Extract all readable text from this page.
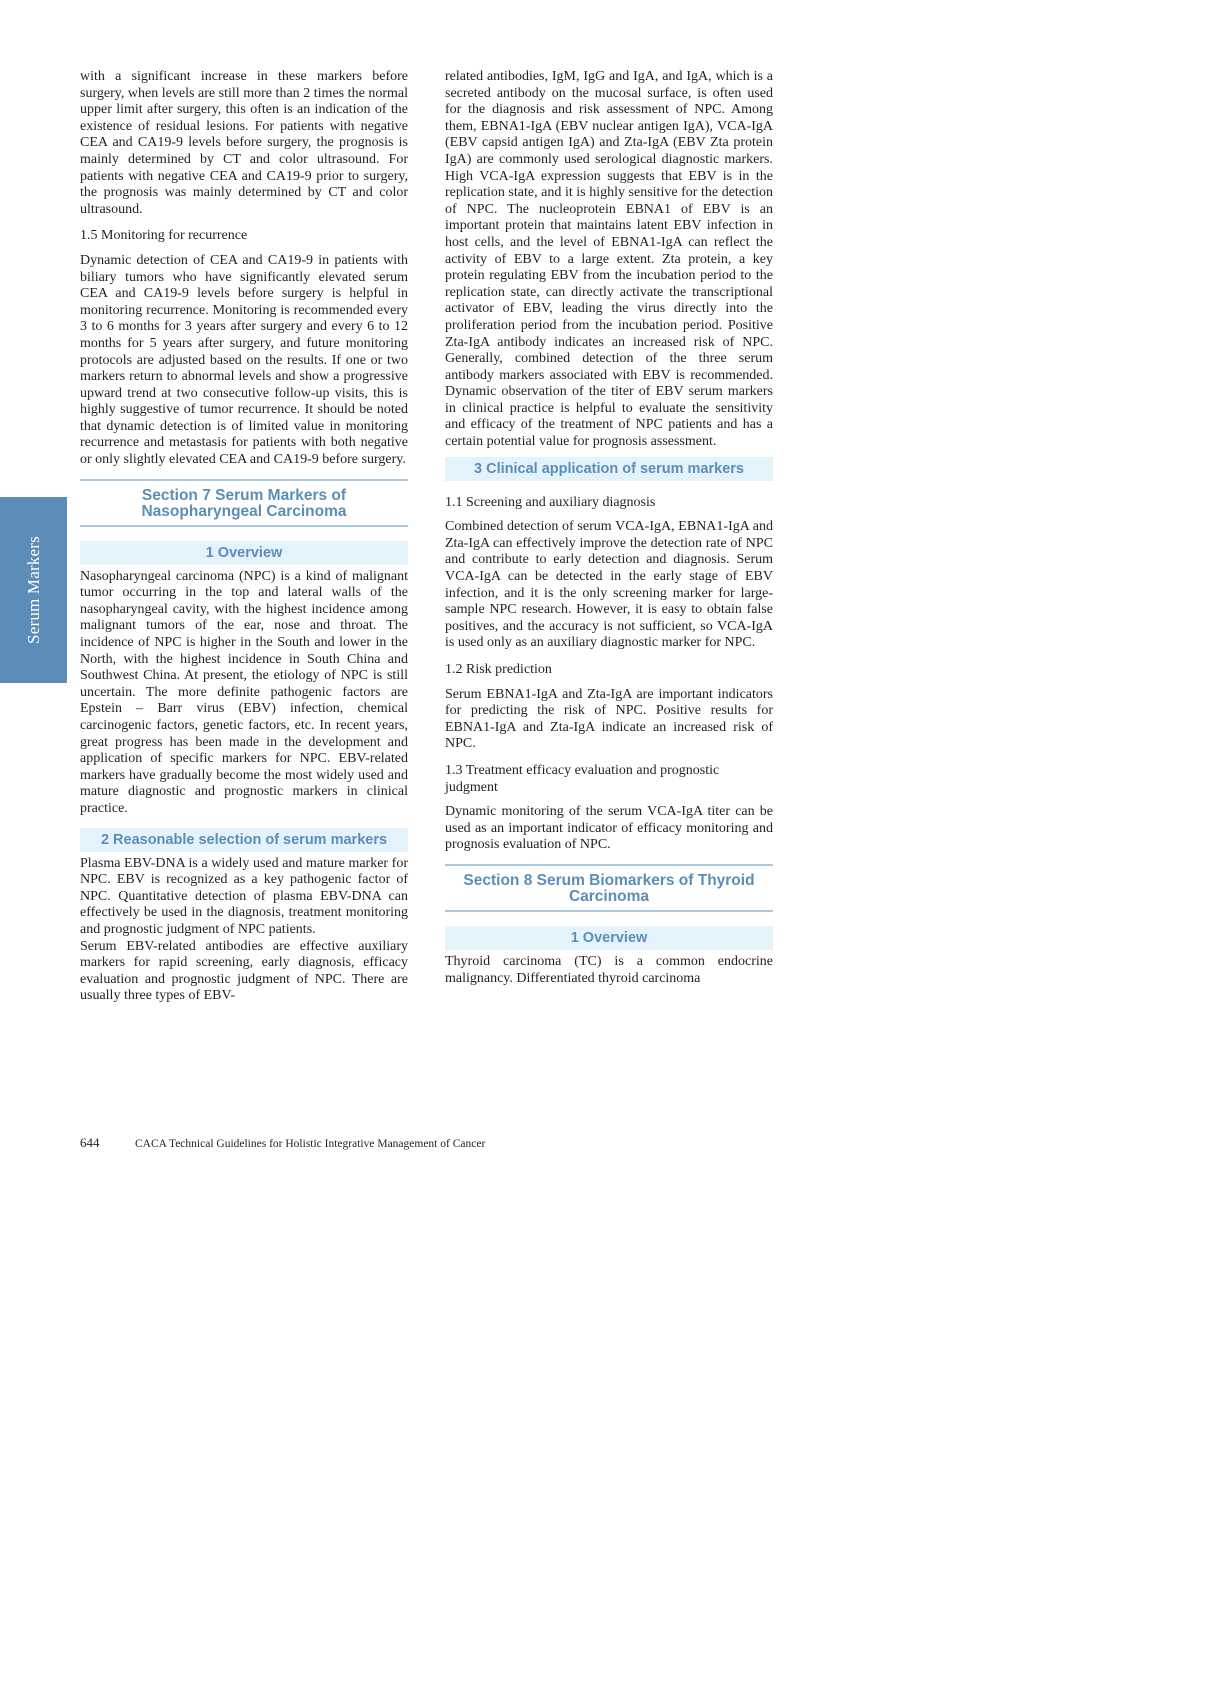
Serum Markers

with a significant increase in these markers before surgery, when levels are still more than 2 times the normal upper limit after surgery, this often is an indication of the existence of residual lesions. For patients with negative CEA and CA19-9 levels before surgery, the prognosis is mainly determined by CT and color ultrasound. For patients with negative CEA and CA19-9 prior to surgery, the prognosis was mainly determined by CT and color ultrasound.

1.5 Monitoring for recurrence

Dynamic detection of CEA and CA19-9 in patients with biliary tumors who have significantly elevated serum CEA and CA19-9 levels before surgery is helpful in monitoring recurrence. Monitoring is recommended every 3 to 6 months for 3 years after surgery and every 6 to 12 months for 5 years after surgery, and future monitoring protocols are adjusted based on the results. If one or two markers return to abnormal levels and show a progressive upward trend at two consecutive follow-up visits, this is highly suggestive of tumor recurrence. It should be noted that dynamic detection is of limited value in monitoring recurrence and metastasis for patients with both negative or only slightly elevated CEA and CA19-9 before surgery.

Section 7 Serum Markers of Nasopharyngeal Carcinoma
1 Overview

Nasopharyngeal carcinoma (NPC) is a kind of malignant tumor occurring in the top and lateral walls of the nasopharyngeal cavity, with the highest incidence among malignant tumors of the ear, nose and throat. The incidence of NPC is higher in the South and lower in the North, with the highest incidence in South China and Southwest China. At present, the etiology of NPC is still uncertain. The more definite pathogenic factors are Epstein – Barr virus (EBV) infection, chemical carcinogenic factors, genetic factors, etc. In recent years, great progress has been made in the development and application of specific markers for NPC. EBV-related markers have gradually become the most widely used and mature diagnostic and prognostic markers in clinical practice.

2 Reasonable selection of serum markers

Plasma EBV-DNA is a widely used and mature marker for NPC. EBV is recognized as a key pathogenic factor of NPC. Quantitative detection of plasma EBV-DNA can effectively be used in the diagnosis, treatment monitoring and prognostic judgment of NPC patients.

Serum EBV-related antibodies are effective auxiliary markers for rapid screening, early diagnosis, efficacy evaluation and prognostic judgment of NPC. There are usually three types of EBV-

related antibodies, IgM, IgG and IgA, and IgA, which is a secreted antibody on the mucosal surface, is often used for the diagnosis and risk assessment of NPC. Among them, EBNA1-IgA (EBV nuclear antigen IgA), VCA-IgA (EBV capsid antigen IgA) and Zta-IgA (EBV Zta protein IgA) are commonly used serological diagnostic markers. High VCA-IgA expression suggests that EBV is in the replication state, and it is highly sensitive for the detection of NPC. The nucleoprotein EBNA1 of EBV is an important protein that maintains latent EBV infection in host cells, and the level of EBNA1-IgA can reflect the activity of EBV to a large extent. Zta protein, a key protein regulating EBV from the incubation period to the replication state, can directly activate the transcriptional activator of EBV, leading the virus directly into the proliferation period from the incubation period. Positive Zta-IgA antibody indicates an increased risk of NPC. Generally, combined detection of the three serum antibody markers associated with EBV is recommended. Dynamic observation of the titer of EBV serum markers in clinical practice is helpful to evaluate the sensitivity and efficacy of the treatment of NPC patients and has a certain potential value for prognosis assessment.

3 Clinical application of serum markers
1.1 Screening and auxiliary diagnosis

Combined detection of serum VCA-IgA, EBNA1-IgA and Zta-IgA can effectively improve the detection rate of NPC and contribute to early detection and diagnosis. Serum VCA-IgA can be detected in the early stage of EBV infection, and it is the only screening marker for large-sample NPC research. However, it is easy to obtain false positives, and the accuracy is not sufficient, so VCA-IgA is used only as an auxiliary diagnostic marker for NPC.

1.2 Risk prediction

Serum EBNA1-IgA and Zta-IgA are important indicators for predicting the risk of NPC. Positive results for EBNA1-IgA and Zta-IgA indicate an increased risk of NPC.

1.3 Treatment efficacy evaluation and prognostic judgment

Dynamic monitoring of the serum VCA-IgA titer can be used as an important indicator of efficacy monitoring and prognosis evaluation of NPC.

Section 8 Serum Biomarkers of Thyroid Carcinoma
1 Overview

Thyroid carcinoma (TC) is a common endocrine malignancy. Differentiated thyroid carcinoma

644	CACA Technical Guidelines for Holistic Integrative Management of Cancer
